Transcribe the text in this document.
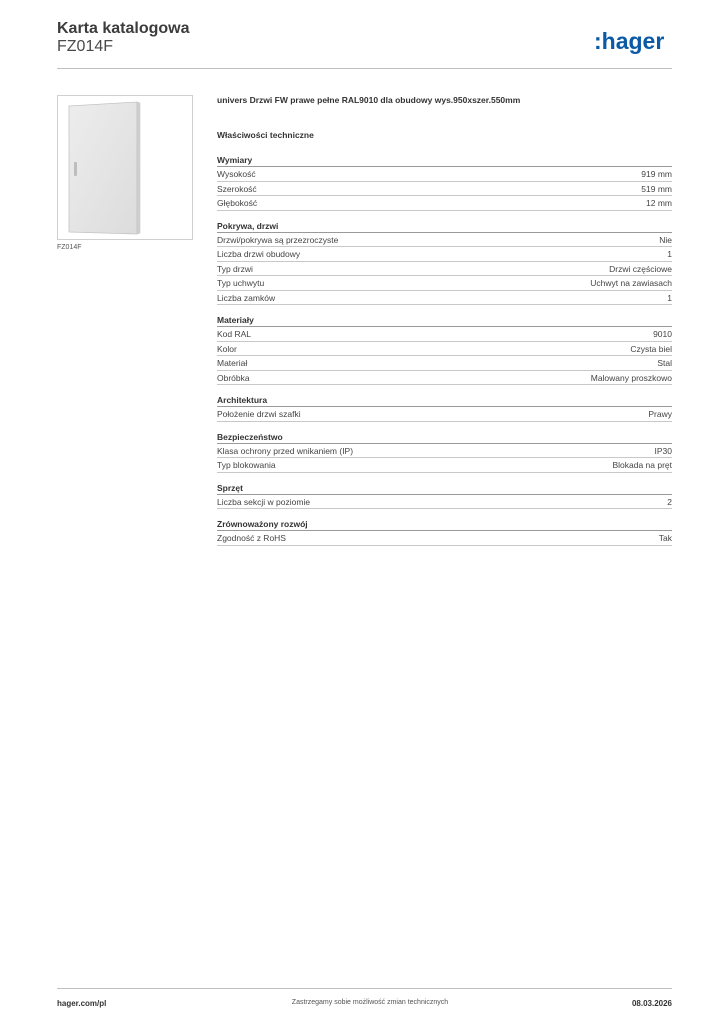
Karta katalogowa
FZ014F	:hager
FZ014F
univers Drzwi FW prawe pełne RAL9010 dla obudowy wys.950xszer.550mm
Właściwości techniczne
Wymiary
Wysokość	919 mm
Szerokość	519 mm
Głębokość	12 mm
Pokrywa, drzwi
Drzwi/pokrywa są przezroczyste	Nie
Liczba drzwi obudowy	1
Typ drzwi	Drzwi częściowe
Typ uchwytu	Uchwyt na zawiasach
Liczba zamków	1
Materiały
Kod RAL	9010
Kolor	Czysta biel
Materiał	Stal
Obróbka	Malowany proszkowo
Architektura
Położenie drzwi szafki	Prawy
Bezpieczeństwo
Klasa ochrony przed wnikaniem (IP)	IP30
Typ blokowania	Blokada na pręt
Sprzęt
Liczba sekcji w poziomie	2
Zrównoważony rozwój
Zgodność z RoHS	Tak
hager.com/pl	Zastrzegamy sobie możliwość zmian technicznych	08.03.2026
